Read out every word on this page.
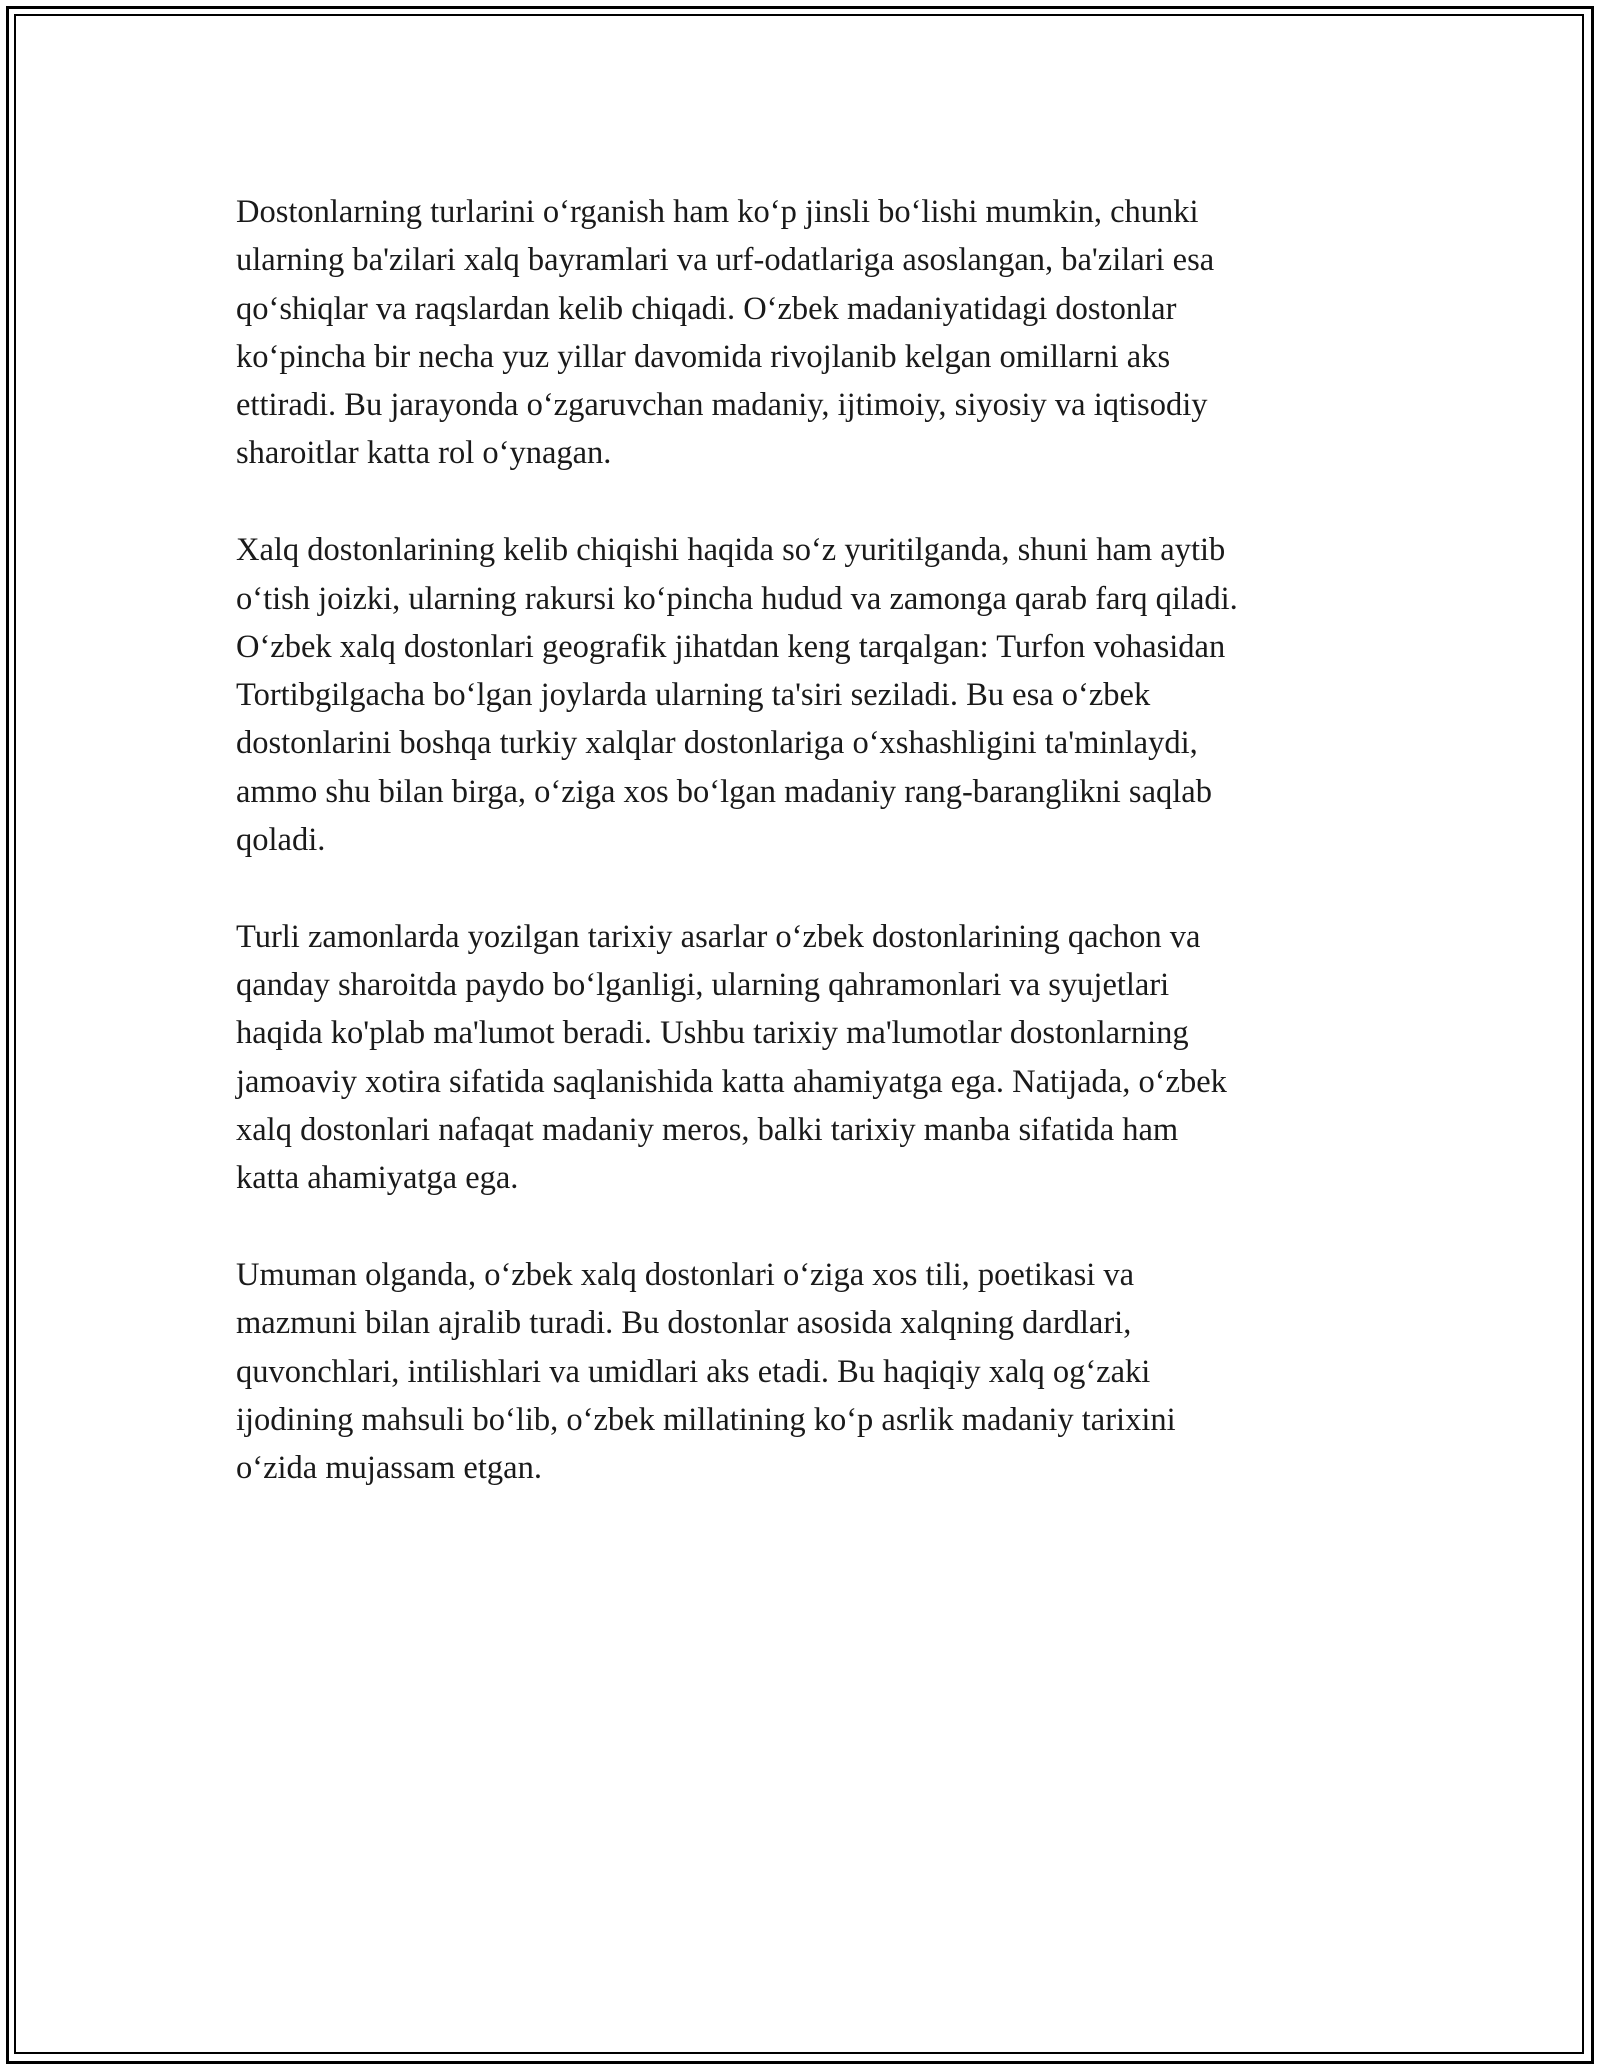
Dostonlarning turlarini o‘rganish ham ko‘p jinsli bo‘lishi mumkin, chunki
ularning ba'zilari xalq bayramlari va urf-odatlariga asoslangan, ba'zilari esa
qo‘shiqlar va raqslardan kelib chiqadi. O‘zbek madaniyatidagi dostonlar
ko‘pincha bir necha yuz yillar davomida rivojlanib kelgan omillarni aks
ettiradi. Bu jarayonda o‘zgaruvchan madaniy, ijtimoiy, siyosiy va iqtisodiy
sharoitlar katta rol o‘ynagan.

Xalq dostonlarining kelib chiqishi haqida so‘z yuritilganda, shuni ham aytib
o‘tish joizki, ularning rakursi ko‘pincha hudud va zamonga qarab farq qiladi.
O‘zbek xalq dostonlari geografik jihatdan keng tarqalgan: Turfon vohasidan
Tortibgilgacha bo‘lgan joylarda ularning ta'siri seziladi. Bu esa o‘zbek
dostonlarini boshqa turkiy xalqlar dostonlariga o‘xshashligini ta'minlaydi,
ammo shu bilan birga, o‘ziga xos bo‘lgan madaniy rang-baranglikni saqlab
qoladi.

Turli zamonlarda yozilgan tarixiy asarlar o‘zbek dostonlarining qachon va
qanday sharoitda paydo bo‘lganligi, ularning qahramonlari va syujetlari
haqida ko'plab ma'lumot beradi. Ushbu tarixiy ma'lumotlar dostonlarning
jamoaviy xotira sifatida saqlanishida katta ahamiyatga ega. Natijada, o‘zbek
xalq dostonlari nafaqat madaniy meros, balki tarixiy manba sifatida ham
katta ahamiyatga ega.

Umuman olganda, o‘zbek xalq dostonlari o‘ziga xos tili, poetikasi va
mazmuni bilan ajralib turadi. Bu dostonlar asosida xalqning dardlari,
quvonchlari, intilishlari va umidlari aks etadi. Bu haqiqiy xalq og‘zaki
ijodining mahsuli bo‘lib, o‘zbek millatining ko‘p asrlik madaniy tarixini
o‘zida mujassam etgan.
